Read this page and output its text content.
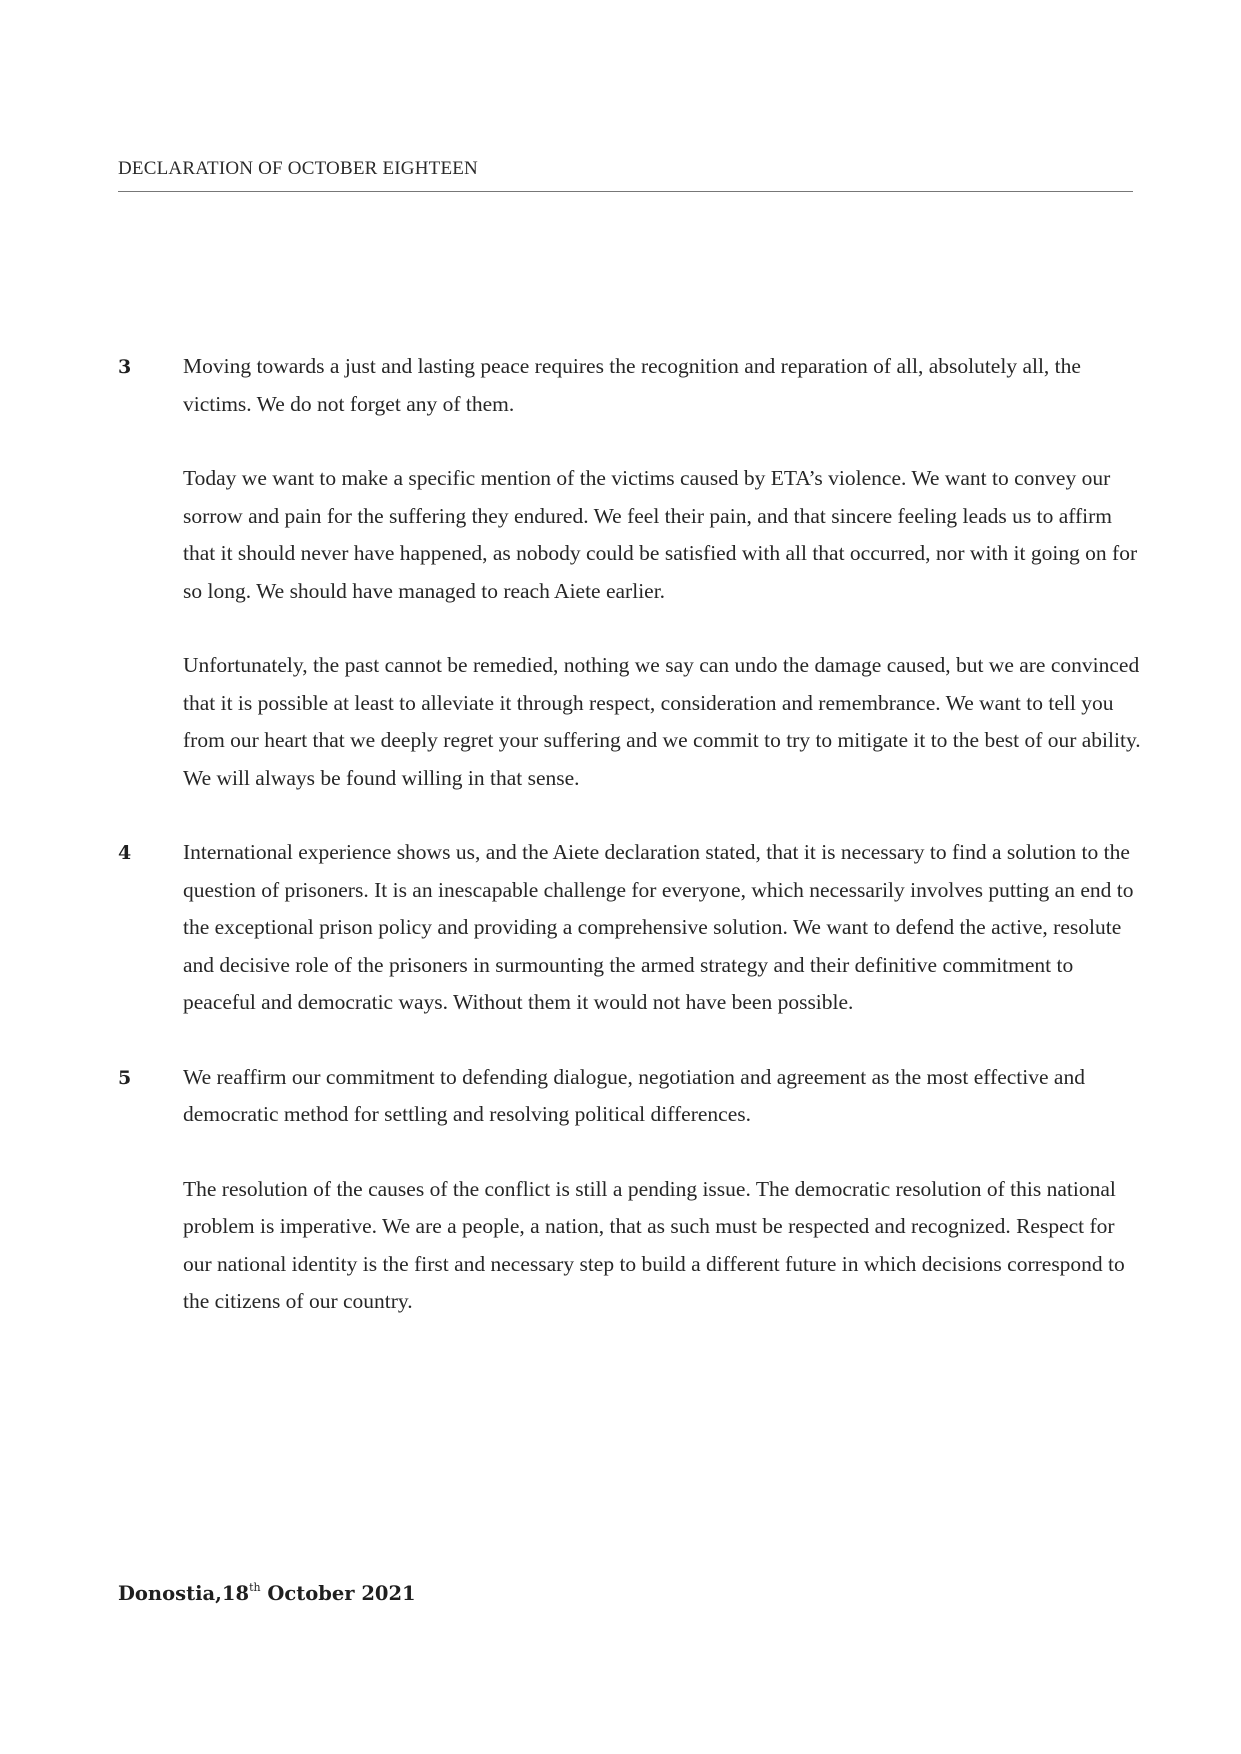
DECLARATION OF OCTOBER EIGHTEEN
3 Moving towards a just and lasting peace requires the recognition and reparation of all, absolutely all, the victims. We do not forget any of them.

Today we want to make a specific mention of the victims caused by ETA’s violence. We want to convey our sorrow and pain for the suffering they endured. We feel their pain, and that sincere feeling leads us to affirm that it should never have happened, as nobody could be satisfied with all that occurred, nor with it going on for so long. We should have managed to reach Aiete earlier.

Unfortunately, the past cannot be remedied, nothing we say can undo the damage caused, but we are convinced that it is possible at least to alleviate it through respect, consideration and remembrance. We want to tell you from our heart that we deeply regret your suffering and we commit to try to mitigate it to the best of our ability. We will always be found willing in that sense.

4 International experience shows us, and the Aiete declaration stated, that it is necessary to find a solution to the question of prisoners. It is an inescapable challenge for everyone, which necessarily involves putting an end to the exceptional prison policy and providing a comprehensive solution. We want to defend the active, resolute and decisive role of the prisoners in surmounting the armed strategy and their definitive commitment to peaceful and democratic ways. Without them it would not have been possible.

5 We reaffirm our commitment to defending dialogue, negotiation and agreement as the most effective and democratic method for settling and resolving political differences.

The resolution of the causes of the conflict is still a pending issue. The democratic resolution of this national problem is imperative. We are a people, a nation, that as such must be respected and recognized. Respect for our national identity is the first and necessary step to build a different future in which decisions correspond to the citizens of our country.

Donostia,18th October 2021
